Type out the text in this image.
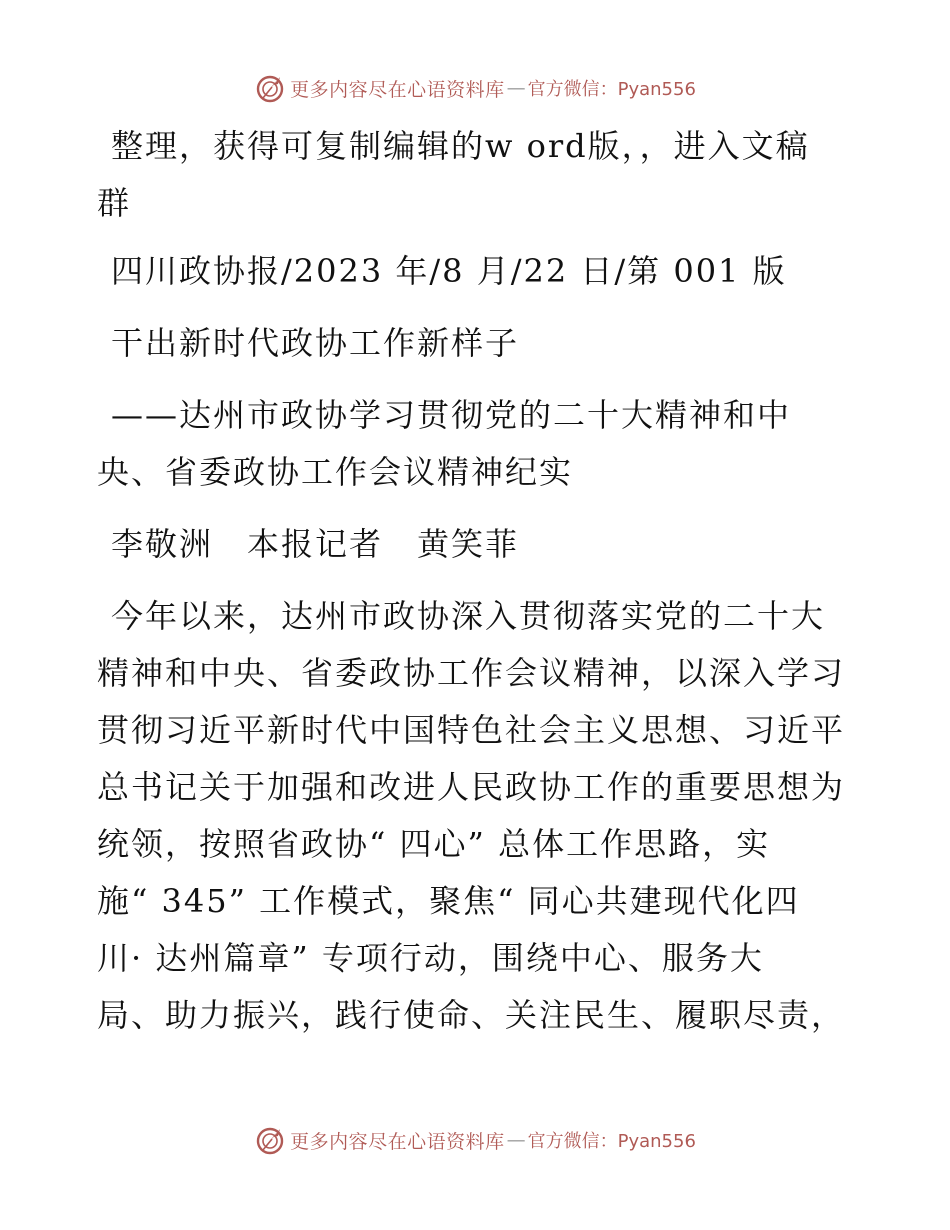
更多内容尽在心语资料库 — 官方微信：Pyan556

整理，获得可复制编辑的w ord版，，进入文稿
群

四川政协报/2023 年/8 月/22 日/第 001 版

干出新时代政协工作新样子

——达州市政协学习贯彻党的二十大精神和中
央、省委政协工作会议精神纪实

李敬洲　本报记者　黄笑菲

今年以来，达州市政协深入贯彻落实党的二十大
精神和中央、省委政协工作会议精神，以深入学习
贯彻习近平新时代中国特色社会主义思想、习近平
总书记关于加强和改进人民政协工作的重要思想为
统领，按照省政协“ 四心” 总体工作思路，实
施“ 345” 工作模式，聚焦“ 同心共建现代化四
川· 达州篇章” 专项行动，围绕中心、服务大
局、助力振兴，践行使命、关注民生、履职尽责，

更多内容尽在心语资料库 — 官方微信：Pyan556
